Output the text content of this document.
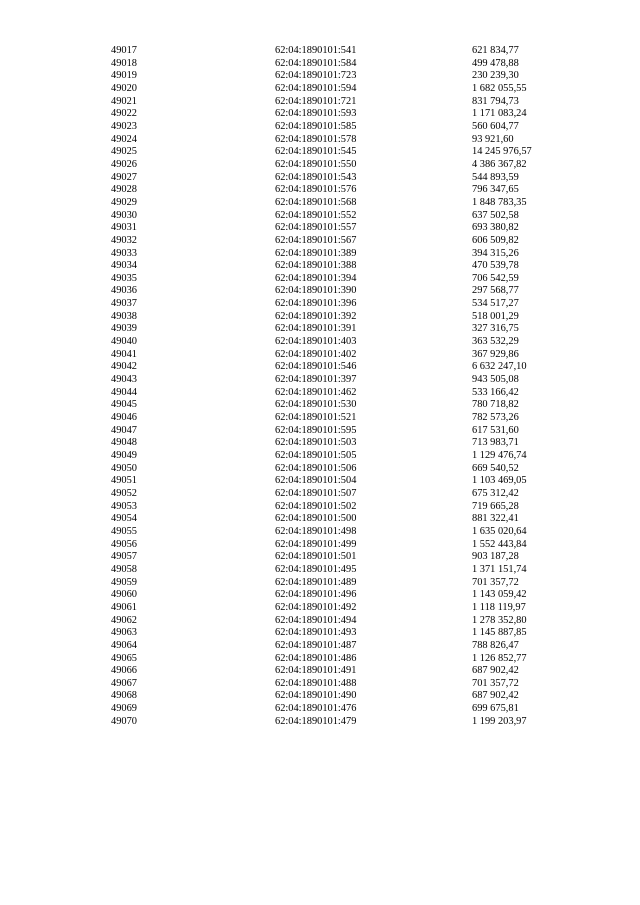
49017	62:04:1890101:541	621 834,77
49018	62:04:1890101:584	499 478,88
49019	62:04:1890101:723	230 239,30
49020	62:04:1890101:594	1 682 055,55
49021	62:04:1890101:721	831 794,73
49022	62:04:1890101:593	1 171 083,24
49023	62:04:1890101:585	560 604,77
49024	62:04:1890101:578	93 921,60
49025	62:04:1890101:545	14 245 976,57
49026	62:04:1890101:550	4 386 367,82
49027	62:04:1890101:543	544 893,59
49028	62:04:1890101:576	796 347,65
49029	62:04:1890101:568	1 848 783,35
49030	62:04:1890101:552	637 502,58
49031	62:04:1890101:557	693 380,82
49032	62:04:1890101:567	606 509,82
49033	62:04:1890101:389	394 315,26
49034	62:04:1890101:388	470 539,78
49035	62:04:1890101:394	706 542,59
49036	62:04:1890101:390	297 568,77
49037	62:04:1890101:396	534 517,27
49038	62:04:1890101:392	518 001,29
49039	62:04:1890101:391	327 316,75
49040	62:04:1890101:403	363 532,29
49041	62:04:1890101:402	367 929,86
49042	62:04:1890101:546	6 632 247,10
49043	62:04:1890101:397	943 505,08
49044	62:04:1890101:462	533 166,42
49045	62:04:1890101:530	780 718,82
49046	62:04:1890101:521	782 573,26
49047	62:04:1890101:595	617 531,60
49048	62:04:1890101:503	713 983,71
49049	62:04:1890101:505	1 129 476,74
49050	62:04:1890101:506	669 540,52
49051	62:04:1890101:504	1 103 469,05
49052	62:04:1890101:507	675 312,42
49053	62:04:1890101:502	719 665,28
49054	62:04:1890101:500	881 322,41
49055	62:04:1890101:498	1 635 020,64
49056	62:04:1890101:499	1 552 443,84
49057	62:04:1890101:501	903 187,28
49058	62:04:1890101:495	1 371 151,74
49059	62:04:1890101:489	701 357,72
49060	62:04:1890101:496	1 143 059,42
49061	62:04:1890101:492	1 118 119,97
49062	62:04:1890101:494	1 278 352,80
49063	62:04:1890101:493	1 145 887,85
49064	62:04:1890101:487	788 826,47
49065	62:04:1890101:486	1 126 852,77
49066	62:04:1890101:491	687 902,42
49067	62:04:1890101:488	701 357,72
49068	62:04:1890101:490	687 902,42
49069	62:04:1890101:476	699 675,81
49070	62:04:1890101:479	1 199 203,97
